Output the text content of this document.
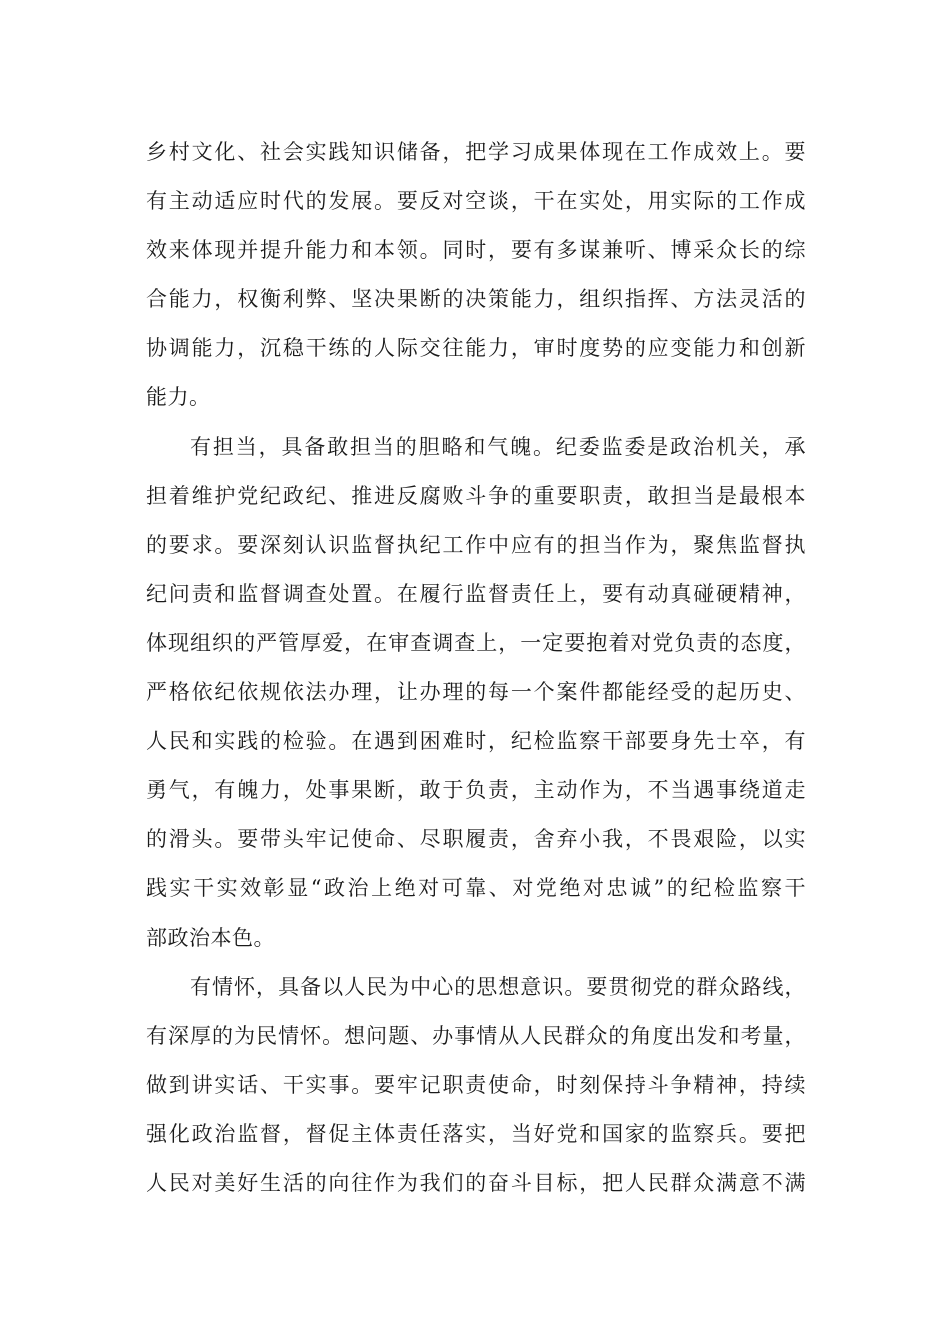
乡村文化、社会实践知识储备，把学习成果体现在工作成效上。要
有主动适应时代的发展。要反对空谈，干在实处，用实际的工作成
效来体现并提升能力和本领。同时，要有多谋兼听、博采众长的综
合能力，权衡利弊、坚决果断的决策能力，组织指挥、方法灵活的
协调能力，沉稳干练的人际交往能力，审时度势的应变能力和创新
能力。
有担当，具备敢担当的胆略和气魄。纪委监委是政治机关，承
担着维护党纪政纪、推进反腐败斗争的重要职责，敢担当是最根本
的要求。要深刻认识监督执纪工作中应有的担当作为，聚焦监督执
纪问责和监督调查处置。在履行监督责任上，要有动真碰硬精神，
体现组织的严管厚爱，在审查调查上，一定要抱着对党负责的态度，
严格依纪依规依法办理，让办理的每一个案件都能经受的起历史、
人民和实践的检验。在遇到困难时，纪检监察干部要身先士卒，有
勇气，有魄力，处事果断，敢于负责，主动作为，不当遇事绕道走
的滑头。要带头牢记使命、尽职履责，舍弃小我，不畏艰险，以实
践实干实效彰显“政治上绝对可靠、对党绝对忠诚”的纪检监察干
部政治本色。
有情怀，具备以人民为中心的思想意识。要贯彻党的群众路线，
有深厚的为民情怀。想问题、办事情从人民群众的角度出发和考量，
做到讲实话、干实事。要牢记职责使命，时刻保持斗争精神，持续
强化政治监督，督促主体责任落实，当好党和国家的监察兵。要把
人民对美好生活的向往作为我们的奋斗目标，把人民群众满意不满
